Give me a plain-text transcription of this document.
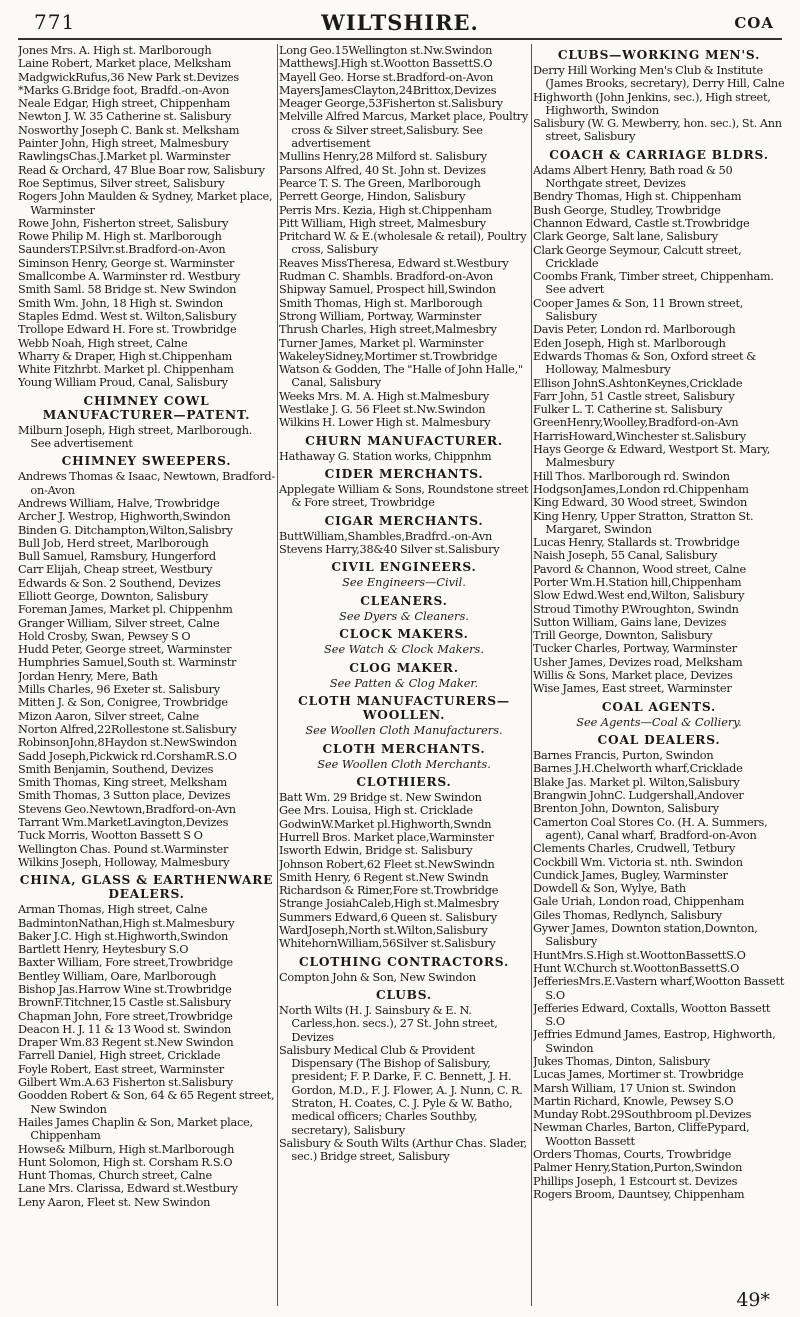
771	WILTSHIRE.	COA
Jones Mrs. A. High st. Marlborough
Laine Robert, Market place, Melksham
MadgwickRufus,36 New Park st.Devizes
*Marks G.Bridge foot, Bradfd.-on-Avon
Neale Edgar, High street, Chippenham
Newton J. W. 35 Catherine st. Salisbury
Nosworthy Joseph C. Bank st. Melksham
Painter John, High street, Malmesbury
RawlingsChas.J.Market pl. Warminster
Read & Orchard, 47 Blue Boar row, Salisbury
Roe Septimus, Silver street, Salisbury
Rogers John Maulden & Sydney, Market place, Warminster
Rowe John, Fisherton street, Salisbury
Rowe Philip M. High st. Marlborough
SaundersT.P.Silvr.st.Bradford-on-Avon
Siminson Henry, George st. Warminster
Smallcombe A. Warminster rd. Westbury
Smith Saml. 58 Bridge st. New Swindon
Smith Wm. John, 18 High st. Swindon
Staples Edmd. West st. Wilton,Salisbury
Trollope Edward H. Fore st. Trowbridge
Webb Noah, High street, Calne
Wharry & Draper, High st.Chippenham
White Fitzhrbt. Market pl. Chippenham
Young William Proud, Canal, Salisbury
CHIMNEY COWL MANUFACTURER—PATENT.
Milburn Joseph, High street, Marlborough. See advertisement
CHIMNEY SWEEPERS.
Andrews Thomas & Isaac, Newtown, Bradford-on-Avon
Andrews William, Halve, Trowbridge
Archer J. Westrop, Highworth,Swindon
Binden G. Ditchampton,Wilton,Salisbry
Bull Job, Herd street, Marlborough
Bull Samuel, Ramsbury, Hungerford
Carr Elijah, Cheap street, Westbury
Edwards & Son. 2 Southend, Devizes
Elliott George, Downton, Salisbury
Foreman James, Market pl. Chippenhm
Granger William, Silver street, Calne
Hold Crosby, Swan, Pewsey S O
Hudd Peter, George street, Warminster
Humphries Samuel,South st. Warminstr
Jordan Henry, Mere, Bath
Mills Charles, 96 Exeter st. Salisbury
Mitten J. & Son, Conigree, Trowbridge
Mizon Aaron, Silver street, Calne
Norton Alfred,22Rollestone st.Salisbury
RobinsonJohn,8Haydon st.NewSwindon
Sadd Joseph,Pickwick rd.CorshamR.S.O
Smith Benjamin, Southend, Devizes
Smith Thomas, King street, Melksham
Smith Thomas, 3 Sutton place, Devizes
Stevens Geo.Newtown,Bradford-on-Avn
Tarrant Wm.MarketLavington,Devizes
Tuck Morris, Wootton Bassett S O
Wellington Chas. Pound st.Warminster
Wilkins Joseph, Holloway, Malmesbury
CHINA, GLASS & EARTHENWARE DEALERS.
Arman Thomas, High street, Calne
BadmintonNathan,High st.Malmesbury
Baker J.C. High st.Highworth,Swindon
Bartlett Henry, Heytesbury S.O
Baxter William, Fore street,Trowbridge
Bentley William, Oare, Marlborough
Bishop Jas.Harrow Wine st.Trowbridge
BrownF.Titchner,15 Castle st.Salisbury
Chapman John, Fore street,Trowbridge
Deacon H. J. 11 & 13 Wood st. Swindon
Draper Wm.83 Regent st.New Swindon
Farrell Daniel, High street, Cricklade
Foyle Robert, East street, Warminster
Gilbert Wm.A.63 Fisherton st.Salisbury
Goodden Robert & Son, 64 & 65 Regent street, New Swindon
Hailes James Chaplin & Son, Market place, Chippenham
Howse& Milburn, High st.Marlborough
Hunt Solomon, High st. Corsham R.S.O
Hunt Thomas, Church street, Calne
Lane Mrs. Clarissa, Edward st.Westbury
Leny Aaron, Fleet st. New Swindon
Long Geo.15Wellington st.Nw.Swindon
MatthewsJ.High st.Wootton BassettS.O
Mayell Geo. Horse st.Bradford-on-Avon
MayersJamesClayton,24Brittox,Devizes
Meager George,53Fisherton st.Salisbury
Melville Alfred Marcus, Market place, Poultry cross & Silver street,Salisbury. See advertisement
Mullins Henry,28 Milford st. Salisbury
Parsons Alfred, 40 St. John st. Devizes
Pearce T. S. The Green, Marlborough
Perrett George, Hindon, Salisbury
Perris Mrs. Kezia, High st.Chippenham
Pitt William, High street, Malmesbury
Pritchard W. & E.(wholesale & retail), Poultry cross, Salisbury
Reaves MissTheresa, Edward st.Westbury
Rudman C. Shambls. Bradford-on-Avon
Shipway Samuel, Prospect hill,Swindon
Smith Thomas, High st. Marlborough
Strong William, Portway, Warminster
Thrush Charles, High street,Malmesbry
Turner James, Market pl. Warminster
WakeleySidney,Mortimer st.Trowbridge
Watson & Godden, The "Halle of John Halle," Canal, Salisbury
Weeks Mrs. M. A. High st.Malmesbury
Westlake J. G. 56 Fleet st.Nw.Swindon
Wilkins H. Lower High st. Malmesbury
CHURN MANUFACTURER.
Hathaway G. Station works, Chippnhm
CIDER MERCHANTS.
Applegate William & Sons, Roundstone street & Fore street, Trowbridge
CIGAR MERCHANTS.
ButtWilliam,Shambles,Bradfrd.-on-Avn
Stevens Harry,38&40 Silver st.Salisbury
CIVIL ENGINEERS.
See Engineers—Civil.
CLEANERS.
See Dyers & Cleaners.
CLOCK MAKERS.
See Watch & Clock Makers.
CLOG MAKER.
See Patten & Clog Maker.
CLOTH MANUFACTURERS—WOOLLEN.
See Woollen Cloth Manufacturers.
CLOTH MERCHANTS.
See Woollen Cloth Merchants.
CLOTHIERS.
Batt Wm. 29 Bridge st. New Swindon
Gee Mrs. Louisa, High st. Cricklade
GodwinW.Market pl.Highworth,Swndn
Hurrell Bros. Market place,Warminster
Isworth Edwin, Bridge st. Salisbury
Johnson Robert,62 Fleet st.NewSwindn
Smith Henry, 6 Regent st.New Swindn
Richardson & Rimer,Fore st.Trowbridge
Strange JosiahCaleb,High st.Malmesbry
Summers Edward,6 Queen st. Salisbury
WardJoseph,North st.Wilton,Salisbury
WhitehornWilliam,56Silver st.Salisbury
CLOTHING CONTRACTORS.
Compton John & Son, New Swindon
CLUBS.
North Wilts (H. J. Sainsbury & E. N. Carless,hon. secs.), 27 St. John street, Devizes
Salisbury Medical Club & Provident Dispensary (The Bishop of Salisbury, president; F. P. Darke, F. C. Bennett, J. H. Gordon, M.D., F. J. Flower, A. J. Nunn, C. R. Straton, H. Coates, C. J. Pyle & W. Batho, medical officers; Charles Southby, secretary), Salisbury
Salisbury & South Wilts (Arthur Chas. Slader, sec.) Bridge street, Salisbury
CLUBS—WORKING MEN'S.
Derry Hill Working Men's Club & Institute (James Brooks, secretary), Derry Hill, Calne
Highworth (John Jenkins, sec.), High street, Highworth, Swindon
Salisbury (W. G. Mewberry, hon. sec.), St. Ann street, Salisbury
COACH & CARRIAGE BLDRS.
Adams Albert Henry, Bath road & 50 Northgate street, Devizes
Bendry Thomas, High st. Chippenham
Bush George, Studley, Trowbridge
Channon Edward, Castle st.Trowbridge
Clark George, Salt lane, Salisbury
Clark George Seymour, Calcutt street, Cricklade
Coombs Frank, Timber street, Chippenham. See advert
Cooper James & Son, 11 Brown street, Salisbury
Davis Peter, London rd. Marlborough
Eden Joseph, High st. Marlborough
Edwards Thomas & Son, Oxford street & Holloway, Malmesbury
Ellison JohnS.AshtonKeynes,Cricklade
Farr John, 51 Castle street, Salisbury
Fulker L. T. Catherine st. Salisbury
GreenHenry,Woolley,Bradford-on-Avn
HarrisHoward,Winchester st.Salisbury
Hays George & Edward, Westport St. Mary, Malmesbury
Hill Thos. Marlborough rd. Swindon
HodgsonJames,London rd.Chippenham
King Edward, 30 Wood street, Swindon
King Henry, Upper Stratton, Stratton St. Margaret, Swindon
Lucas Henry, Stallards st. Trowbridge
Naish Joseph, 55 Canal, Salisbury
Pavord & Channon, Wood street, Calne
Porter Wm.H.Station hill,Chippenham
Slow Edwd.West end,Wilton, Salisbury
Stroud Timothy P.Wroughton, Swindn
Sutton William, Gains lane, Devizes
Trill George, Downton, Salisbury
Tucker Charles, Portway, Warminster
Usher James, Devizes road, Melksham
Willis & Sons, Market place, Devizes
Wise James, East street, Warminster
COAL AGENTS.
See Agents—Coal & Colliery.
COAL DEALERS.
Barnes Francis, Purton, Swindon
Barnes J.H.Chelworth wharf,Cricklade
Blake Jas. Market pl. Wilton,Salisbury
Brangwin JohnC. Ludgershall,Andover
Brenton John, Downton, Salisbury
Camerton Coal Stores Co. (H. A. Summers, agent), Canal wharf, Bradford-on-Avon
Clements Charles, Crudwell, Tetbury
Cockbill Wm. Victoria st. nth. Swindon
Cundick James, Bugley, Warminster
Dowdell & Son, Wylye, Bath
Gale Uriah, London road, Chippenham
Giles Thomas, Redlynch, Salisbury
Gywer James, Downton station,Downton, Salisbury
HuntMrs.S.High st.WoottonBassettS.O
Hunt W.Church st.WoottonBassettS.O
JefferiesMrs.E.Vastern wharf,Wootton Bassett S.O
Jefferies Edward, Coxtalls, Wootton Bassett S.O
Jeffries Edmund James, Eastrop, Highworth, Swindon
Jukes Thomas, Dinton, Salisbury
Lucas James, Mortimer st. Trowbridge
Marsh William, 17 Union st. Swindon
Martin Richard, Knowle, Pewsey S.O
Munday Robt.29Southbroom pl.Devizes
Newman Charles, Barton, CliffePypard, Wootton Bassett
Orders Thomas, Courts, Trowbridge
Palmer Henry,Station,Purton,Swindon
Phillips Joseph, 1 Estcourt st. Devizes
Rogers Broom, Dauntsey, Chippenham
49*
